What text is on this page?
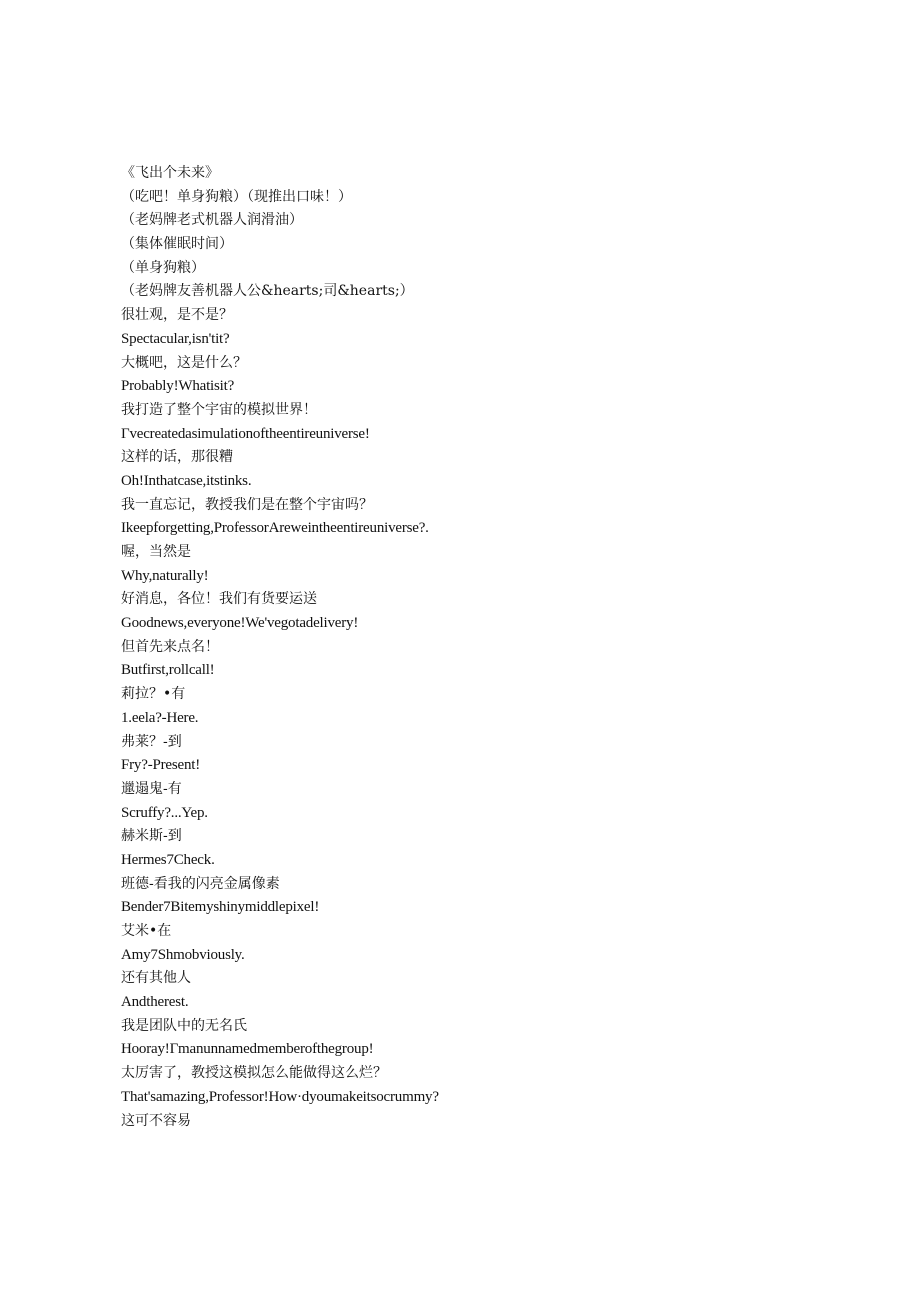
《飞出个未来》
（吃吧！单身狗粮）（现推出口味！）
（老妈牌老式机器人润滑油）
（集体催眠时间）
（单身狗粮）
（老妈牌友善机器人公&hearts;司&hearts;）
很壮观，是不是？
Spectacular,isn'tit?
大概吧，这是什么？
Probably!Whatisit?
我打造了整个宇宙的模拟世界！
Γvecreatedasimulationoftheentireuniverse!
这样的话，那很糟
Oh!Inthatcase,itstinks.
我一直忘记，教授我们是在整个宇宙吗？
Ikeepforgetting,ProfessorAreweintheentireuniverse?.
喔，当然是
Why,naturally!
好消息，各位！我们有货要运送
Goodnews,everyone!We'vegotadelivery!
但首先来点名！
Butfirst,rollcall!
莉拉？•有
1.eela?-Here.
弗莱？-到
Fry?-Present!
邋遢鬼-有
Scruffy?...Yep.
赫米斯-到
Hermes7Check.
班德-看我的闪亮金属像素
Bender7Bitemyshinymiddlepixel!
艾米•在
Amy7Shmobviously.
还有其他人
Andtherest.
我是团队中的无名氏
Hooray!Γmanunnamedmemberofthegroup!
太厉害了，教授这模拟怎么能做得这么烂？
That'samazing,Professor!How·dyoumakeitsocrummy?
这可不容易
